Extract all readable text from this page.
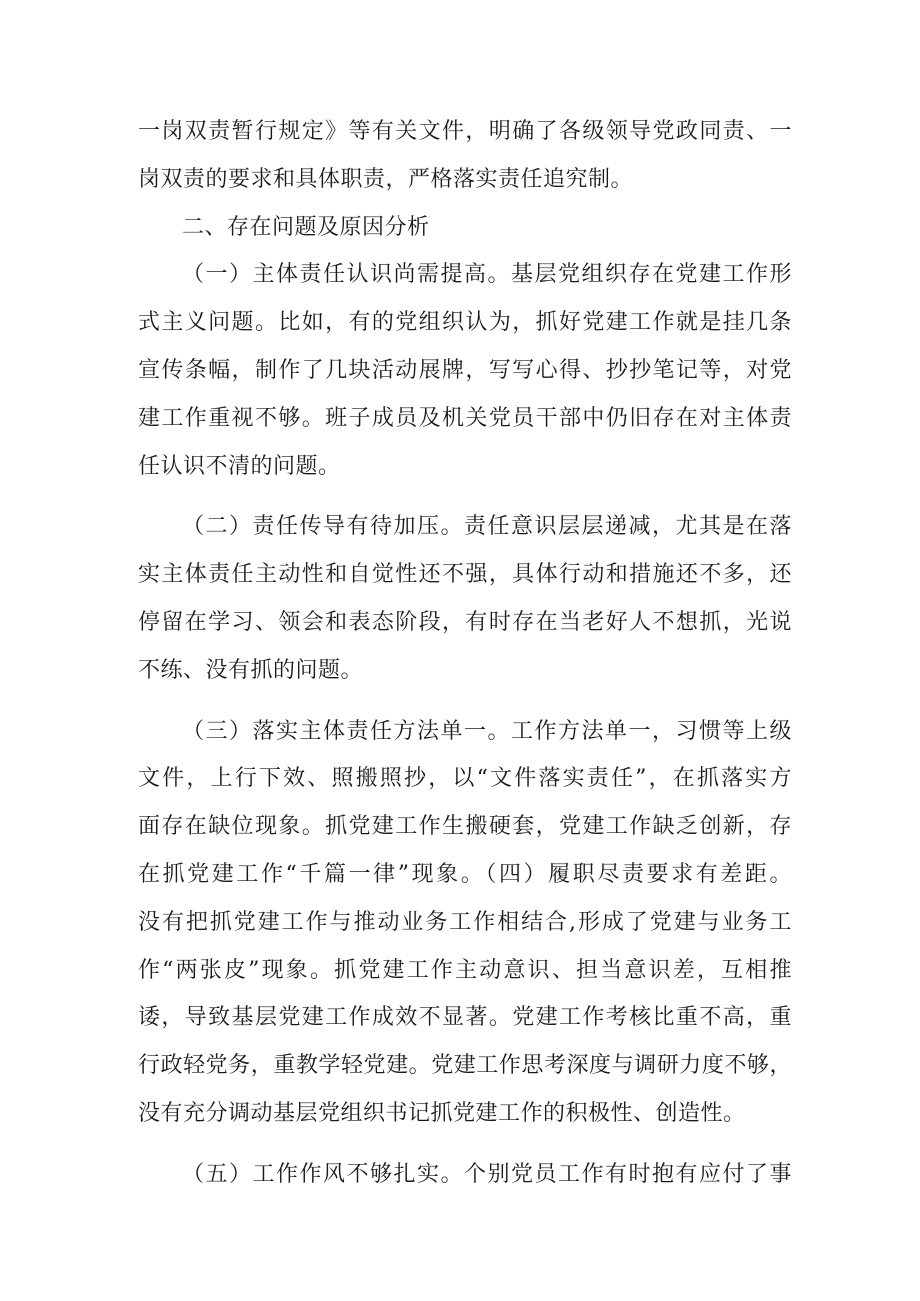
一岗双责暂行规定》等有关文件，明确了各级领导党政同责、一
岗双责的要求和具体职责，严格落实责任追究制。
二、存在问题及原因分析
（一）主体责任认识尚需提高。基层党组织存在党建工作形
式主义问题。比如，有的党组织认为，抓好党建工作就是挂几条
宣传条幅，制作了几块活动展牌，写写心得、抄抄笔记等，对党
建工作重视不够。班子成员及机关党员干部中仍旧存在对主体责
任认识不清的问题。
（二）责任传导有待加压。责任意识层层递减，尤其是在落
实主体责任主动性和自觉性还不强，具体行动和措施还不多，还
停留在学习、领会和表态阶段，有时存在当老好人不想抓，光说
不练、没有抓的问题。
（三）落实主体责任方法单一。工作方法单一，习惯等上级
文件，上行下效、照搬照抄，以“文件落实责任”，在抓落实方
面存在缺位现象。抓党建工作生搬硬套，党建工作缺乏创新，存
在抓党建工作“千篇一律”现象。（四）履职尽责要求有差距。
没有把抓党建工作与推动业务工作相结合,形成了党建与业务工
作“两张皮”现象。抓党建工作主动意识、担当意识差，互相推
诿，导致基层党建工作成效不显著。党建工作考核比重不高，重
行政轻党务，重教学轻党建。党建工作思考深度与调研力度不够，
没有充分调动基层党组织书记抓党建工作的积极性、创造性。
（五）工作作风不够扎实。个别党员工作有时抱有应付了事
